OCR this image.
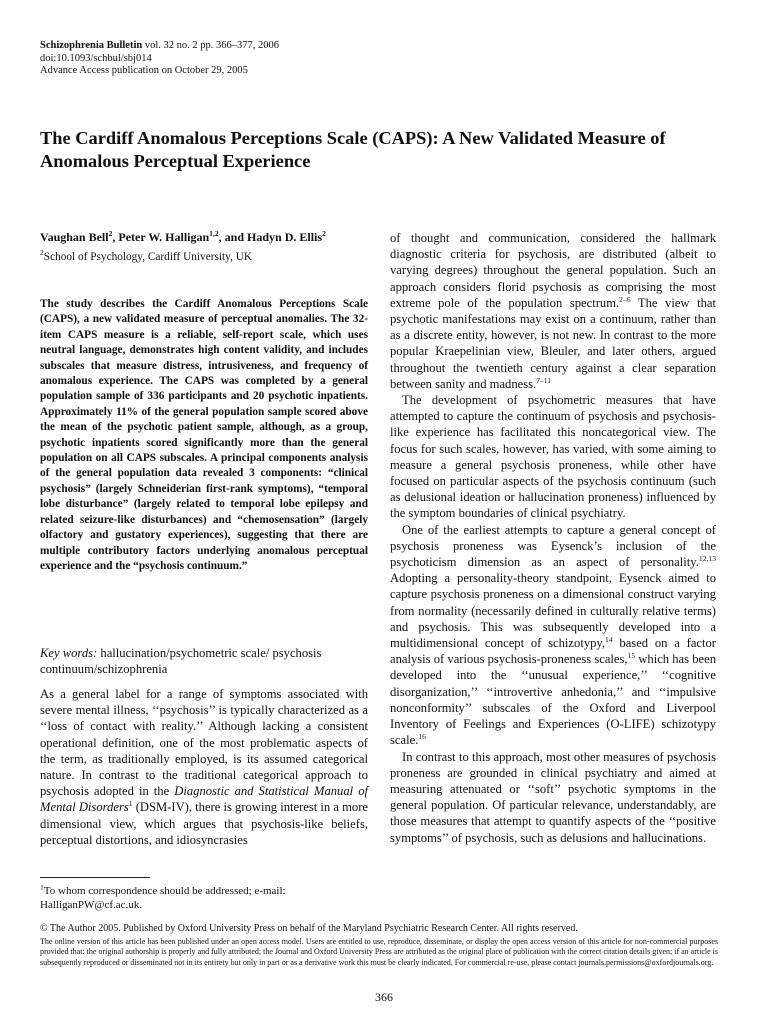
Schizophrenia Bulletin vol. 32 no. 2 pp. 366–377, 2006
doi:10.1093/schbul/sbj014
Advance Access publication on October 29, 2005
The Cardiff Anomalous Perceptions Scale (CAPS): A New Validated Measure of Anomalous Perceptual Experience
Vaughan Bell$^2$, Peter W. Halligan$^{1,2}$, and Hadyn D. Ellis$^2$
$^2$School of Psychology, Cardiff University, UK
The study describes the Cardiff Anomalous Perceptions Scale (CAPS), a new validated measure of perceptual anomalies. The 32-item CAPS measure is a reliable, self-report scale, which uses neutral language, demonstrates high content validity, and includes subscales that measure distress, intrusiveness, and frequency of anomalous experience. The CAPS was completed by a general population sample of 336 participants and 20 psychotic inpatients. Approximately 11% of the general population sample scored above the mean of the psychotic patient sample, although, as a group, psychotic inpatients scored significantly more than the general population on all CAPS subscales. A principal components analysis of the general population data revealed 3 components: “clinical psychosis” (largely Schneiderian first-rank symptoms), “temporal lobe disturbance” (largely related to temporal lobe epilepsy and related seizure-like disturbances) and “chemosensation” (largely olfactory and gustatory experiences), suggesting that there are multiple contributory factors underlying anomalous perceptual experience and the “psychosis continuum.”
Key words: hallucination/psychometric scale/ psychosis continuum/schizophrenia

As a general label for a range of symptoms associated with severe mental illness, ‘‘psychosis’’ is typically characterized as a ‘‘loss of contact with reality.’’ Although lacking a consistent operational definition, one of the most problematic aspects of the term, as traditionally employed, is its assumed categorical nature. In contrast to the traditional categorical approach to psychosis adopted in the Diagnostic and Statistical Manual of Mental Disorders$^1$ (DSM-IV), there is growing interest in a more dimensional view, which argues that psychosis-like beliefs, perceptual distortions, and idiosyncrasies

of thought and communication, considered the hallmark diagnostic criteria for psychosis, are distributed (albeit to varying degrees) throughout the general population. Such an approach considers florid psychosis as comprising the most extreme pole of the population spectrum.$^{2-6}$ The view that psychotic manifestations may exist on a continuum, rather than as a discrete entity, however, is not new. In contrast to the more popular Kraepelinian view, Bleuler, and later others, argued throughout the twentieth century against a clear separation between sanity and madness.$^{7-11}$

The development of psychometric measures that have attempted to capture the continuum of psychosis and psychosis-like experience has facilitated this noncategorical view. The focus for such scales, however, has varied, with some aiming to measure a general psychosis proneness, while other have focused on particular aspects of the psychosis continuum (such as delusional ideation or hallucination proneness) influenced by the symptom boundaries of clinical psychiatry.

One of the earliest attempts to capture a general concept of psychosis proneness was Eysenck’s inclusion of the psychoticism dimension as an aspect of personality.$^{12,13}$ Adopting a personality-theory standpoint, Eysenck aimed to capture psychosis proneness on a dimensional construct varying from normality (necessarily defined in culturally relative terms) and psychosis. This was subsequently developed into a multidimensional concept of schizotypy,$^{14}$ based on a factor analysis of various psychosis-proneness scales,$^{15}$ which has been developed into the ‘‘unusual experience,’’ ‘‘cognitive disorganization,’’ ‘‘introvertive anhedonia,’’ and ‘‘impulsive nonconformity’’ subscales of the Oxford and Liverpool Inventory of Feelings and Experiences (O-LIFE) schizotypy scale.$^{16}$

In contrast to this approach, most other measures of psychosis proneness are grounded in clinical psychiatry and aimed at measuring attenuated or ‘‘soft’’ psychotic symptoms in the general population. Of particular relevance, understandably, are those measures that attempt to quantify aspects of the ‘‘positive symptoms’’ of psychosis, such as delusions and hallucinations.

$^1$To whom correspondence should be addressed; e-mail: HalliganPW@cf.ac.uk.
© The Author 2005. Published by Oxford University Press on behalf of the Maryland Psychiatric Research Center. All rights reserved.
The online version of this article has been published under an open access model. Users are entitled to use, reproduce, disseminate, or display the open access version of this article for non-commercial purposes provided that: the original authorship is properly and fully attributed; the Journal and Oxford University Press are attributed as the original place of publication with the correct citation details given; if an article is subsequently reproduced or disseminated not in its entirety but only in part or as a derivative work this must be clearly indicated. For commercial re-use, please contact journals.permissions@oxfordjournals.org.
366
